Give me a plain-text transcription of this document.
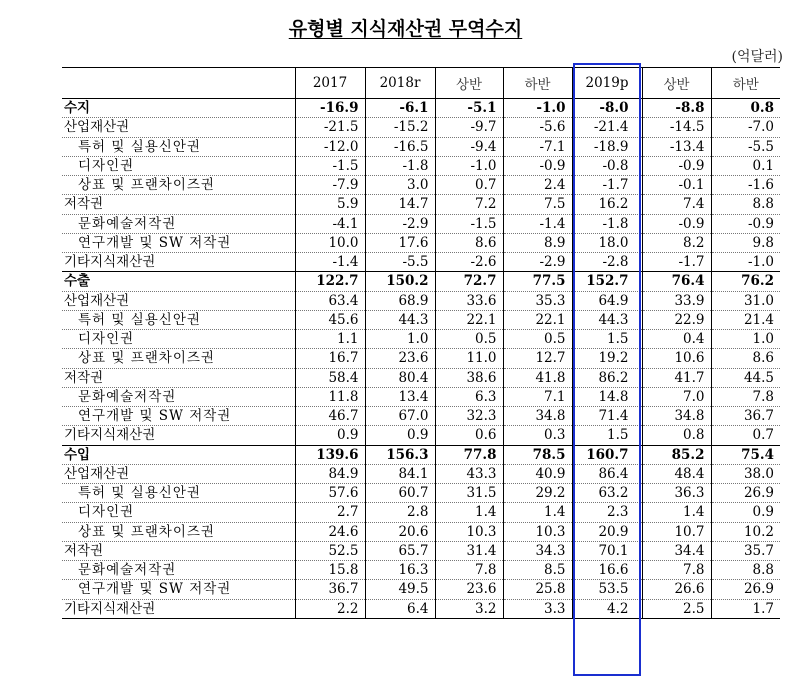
유형별 지식재산권 무역수지
(억달러)
	2017	2018r	상반	하반	2019p	상반	하반
수지	-16.9	-6.1	-5.1	-1.0	-8.0	-8.8	0.8
산업재산권	-21.5	-15.2	-9.7	-5.6	-21.4	-14.5	-7.0
특허 및 실용신안권	-12.0	-16.5	-9.4	-7.1	-18.9	-13.4	-5.5
디자인권	-1.5	-1.8	-1.0	-0.9	-0.8	-0.9	0.1
상표 및 프랜차이즈권	-7.9	3.0	0.7	2.4	-1.7	-0.1	-1.6
저작권	5.9	14.7	7.2	7.5	16.2	7.4	8.8
문화예술저작권	-4.1	-2.9	-1.5	-1.4	-1.8	-0.9	-0.9
연구개발 및 SW 저작권	10.0	17.6	8.6	8.9	18.0	8.2	9.8
기타지식재산권	-1.4	-5.5	-2.6	-2.9	-2.8	-1.7	-1.0
수출	122.7	150.2	72.7	77.5	152.7	76.4	76.2
산업재산권	63.4	68.9	33.6	35.3	64.9	33.9	31.0
특허 및 실용신안권	45.6	44.3	22.1	22.1	44.3	22.9	21.4
디자인권	1.1	1.0	0.5	0.5	1.5	0.4	1.0
상표 및 프랜차이즈권	16.7	23.6	11.0	12.7	19.2	10.6	8.6
저작권	58.4	80.4	38.6	41.8	86.2	41.7	44.5
문화예술저작권	11.8	13.4	6.3	7.1	14.8	7.0	7.8
연구개발 및 SW 저작권	46.7	67.0	32.3	34.8	71.4	34.8	36.7
기타지식재산권	0.9	0.9	0.6	0.3	1.5	0.8	0.7
수입	139.6	156.3	77.8	78.5	160.7	85.2	75.4
산업재산권	84.9	84.1	43.3	40.9	86.4	48.4	38.0
특허 및 실용신안권	57.6	60.7	31.5	29.2	63.2	36.3	26.9
디자인권	2.7	2.8	1.4	1.4	2.3	1.4	0.9
상표 및 프랜차이즈권	24.6	20.6	10.3	10.3	20.9	10.7	10.2
저작권	52.5	65.7	31.4	34.3	70.1	34.4	35.7
문화예술저작권	15.8	16.3	7.8	8.5	16.6	7.8	8.8
연구개발 및 SW 저작권	36.7	49.5	23.6	25.8	53.5	26.6	26.9
기타지식재산권	2.2	6.4	3.2	3.3	4.2	2.5	1.7
